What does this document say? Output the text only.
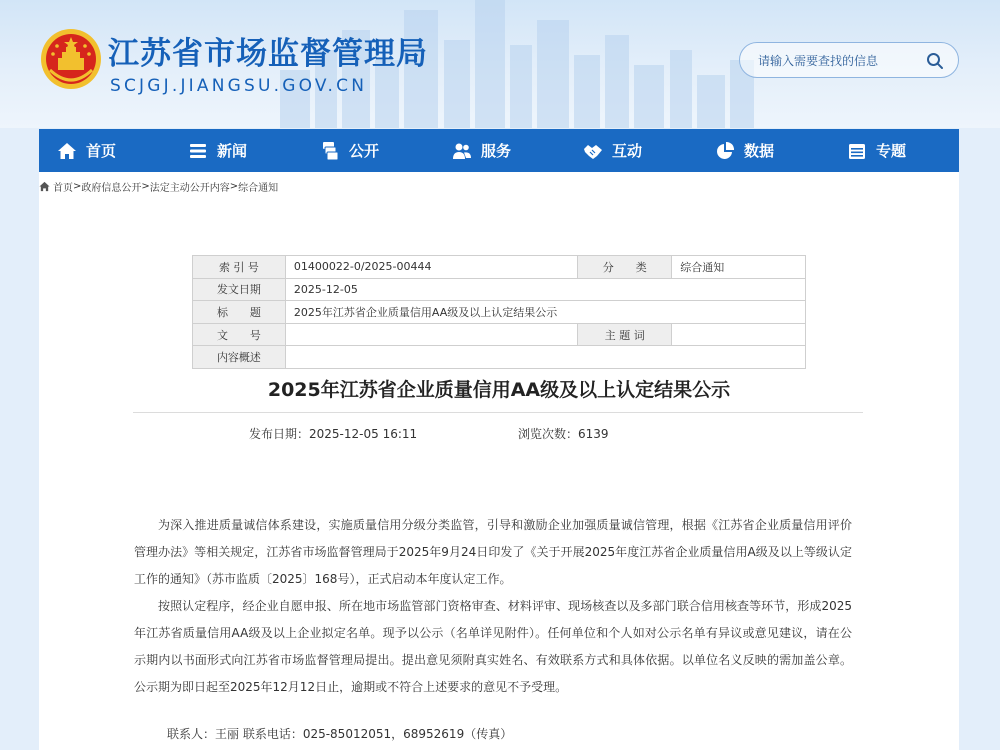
江苏省市场监督管理局
SCJGJ.JIANGSU.GOV.CN
请输入需要查找的信息
首页	新闻	公开	服务	互动	数据	专题
首页 > 政府信息公开 > 法定主动公开内容 > 综合通知
索 引 号	01400022-0/2025-00444	分　　类	综合通知
发文日期	2025-12-05		
标　　题	2025年江苏省企业质量信用AA级及以上认定结果公示		
文　　号		主 题 词	
内容概述			
2025年江苏省企业质量信用AA级及以上认定结果公示
发布日期：2025-12-05 16:11	浏览次数：6139

为深入推进质量诚信体系建设，实施质量信用分级分类监管，引导和激励企业加强质量诚信管理，根据《江苏省企业质量信用评价管理办法》等相关规定，江苏省市场监督管理局于2025年9月24日印发了《关于开展2025年度江苏省企业质量信用A级及以上等级认定工作的通知》（苏市监质〔2025〕168号），正式启动本年度认定工作。

按照认定程序，经企业自愿申报、所在地市场监管部门资格审查、材料评审、现场核查以及多部门联合信用核查等环节，形成2025年江苏省质量信用AA级及以上企业拟定名单。现予以公示（名单详见附件）。任何单位和个人如对公示名单有异议或意见建议，请在公示期内以书面形式向江苏省市场监督管理局提出。提出意见须附真实姓名、有效联系方式和具体依据。以单位名义反映的需加盖公章。公示期为即日起至2025年12月12日止，逾期或不符合上述要求的意见不予受理。

联系人：王丽 联系电话：025-85012051，68952619（传真）
